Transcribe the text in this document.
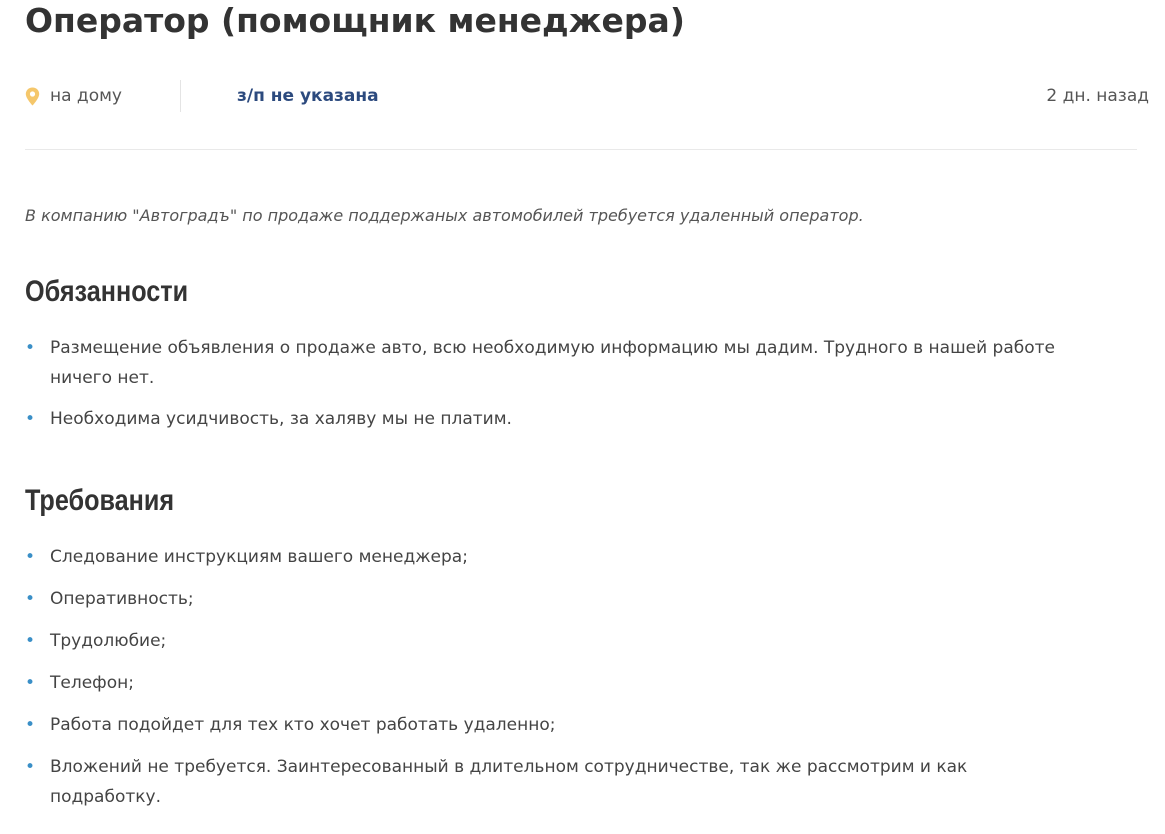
Оператор (помощник менеджера)
на дому	з/п не указана	2 дн. назад

В компанию "Автоградъ" по продаже поддержаных автомобилей требуется удаленный оператор.

Обязанности
• Размещение объявления о продаже авто, всю необходимую информацию мы дадим. Трудного в нашей работе ничего нет.
• Необходима усидчивость, за халяву мы не платим.
Требования
• Следование инструкциям вашего менеджера;
• Оперативность;
• Трудолюбие;
• Телефон;
• Работа подойдет для тех кто хочет работать удаленно;
• Вложений не требуется. Заинтересованный в длительном сотрудничестве, так же рассмотрим и как подработку.
